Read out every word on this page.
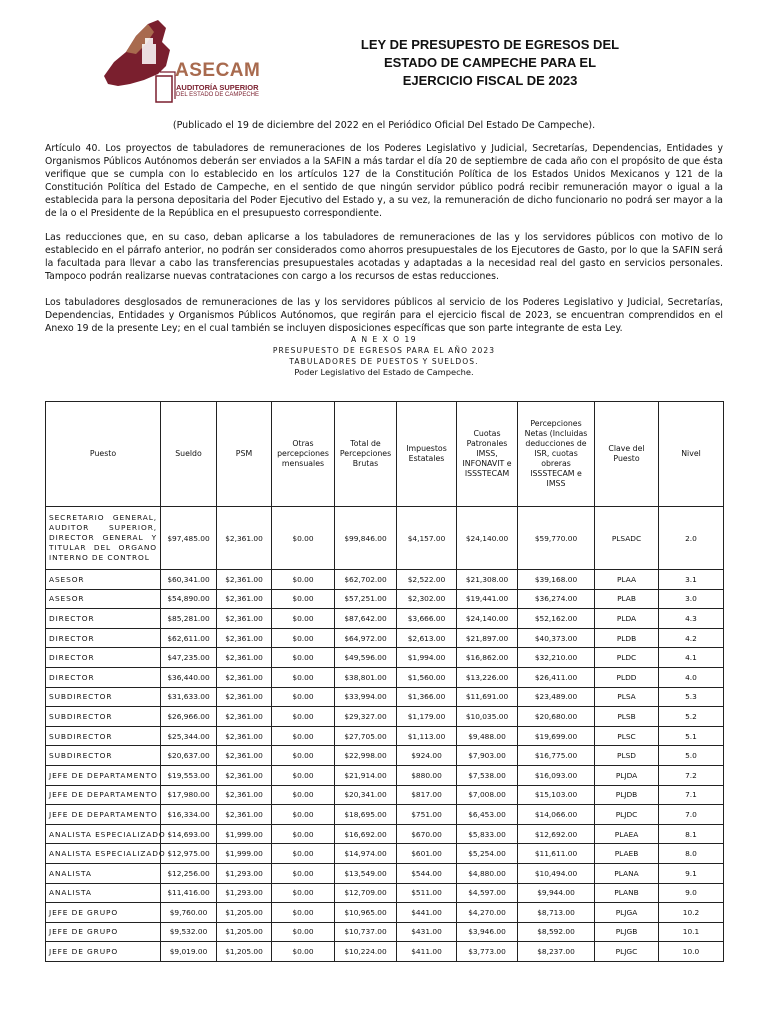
ASECAM
AUDITORÍA SUPERIOR
DEL ESTADO DE CAMPECHE
LEY DE PRESUPESTO DE EGRESOS DEL
ESTADO DE CAMPECHE PARA EL
EJERCICIO FISCAL DE 2023
(Publicado el 19 de diciembre del 2022 en el Periódico Oficial Del Estado De Campeche).

Artículo 40. Los proyectos de tabuladores de remuneraciones de los Poderes Legislativo y Judicial, Secretarías, Dependencias, Entidades y Organismos Públicos Autónomos deberán ser enviados a la SAFIN a más tardar el día 20 de septiembre de cada año con el propósito de que ésta verifique que se cumpla con lo establecido en los artículos 127 de la Constitución Política de los Estados Unidos Mexicanos y 121 de la Constitución Política del Estado de Campeche, en el sentido de que ningún servidor público podrá recibir remuneración mayor o igual a la establecida para la persona depositaria del Poder Ejecutivo del Estado y, a su vez, la remuneración de dicho funcionario no podrá ser mayor a la de la o el Presidente de la República en el presupuesto correspondiente.

Las reducciones que, en su caso, deban aplicarse a los tabuladores de remuneraciones de las y los servidores públicos con motivo de lo establecido en el párrafo anterior, no podrán ser considerados como ahorros presupuestales de los Ejecutores de Gasto, por lo que la SAFIN será la facultada para llevar a cabo las transferencias presupuestales acotadas y adaptadas a la necesidad real del gasto en servicios personales. Tampoco podrán realizarse nuevas contrataciones con cargo a los recursos de estas reducciones.

Los tabuladores desglosados de remuneraciones de las y los servidores públicos al servicio de los Poderes Legislativo y Judicial, Secretarías, Dependencias, Entidades y Organismos Públicos Autónomos, que regirán para el ejercicio fiscal de 2023, se encuentran comprendidos en el Anexo 19 de la presente Ley; en el cual también se incluyen disposiciones específicas que son parte integrante de esta Ley.

A N E X O 19
PRESUPUESTO DE EGRESOS PARA EL AÑO 2023
TABULADORES DE PUESTOS Y SUELDOS.
Poder Legislativo del Estado de Campeche.
Puesto	Sueldo	PSM	Otras percepciones mensuales	Total de Percepciones Brutas	Impuestos Estatales	Cuotas Patronales IMSS, INFONAVIT e ISSSTECAM	Percepciones Netas (Incluidas deducciones de ISR, cuotas obreras ISSSTECAM e IMSS	Clave del Puesto	Nivel
SECRETARIO GENERAL, AUDITOR SUPERIOR, DIRECTOR GENERAL Y TITULAR DEL ORGANO INTERNO DE CONTROL	$97,485.00	$2,361.00	$0.00	$99,846.00	$4,157.00	$24,140.00	$59,770.00	PLSADC	2.0
ASESOR	$60,341.00	$2,361.00	$0.00	$62,702.00	$2,522.00	$21,308.00	$39,168.00	PLAA	3.1
ASESOR	$54,890.00	$2,361.00	$0.00	$57,251.00	$2,302.00	$19,441.00	$36,274.00	PLAB	3.0
DIRECTOR	$85,281.00	$2,361.00	$0.00	$87,642.00	$3,666.00	$24,140.00	$52,162.00	PLDA	4.3
DIRECTOR	$62,611.00	$2,361.00	$0.00	$64,972.00	$2,613.00	$21,897.00	$40,373.00	PLDB	4.2
DIRECTOR	$47,235.00	$2,361.00	$0.00	$49,596.00	$1,994.00	$16,862.00	$32,210.00	PLDC	4.1
DIRECTOR	$36,440.00	$2,361.00	$0.00	$38,801.00	$1,560.00	$13,226.00	$26,411.00	PLDD	4.0
SUBDIRECTOR	$31,633.00	$2,361.00	$0.00	$33,994.00	$1,366.00	$11,691.00	$23,489.00	PLSA	5.3
SUBDIRECTOR	$26,966.00	$2,361.00	$0.00	$29,327.00	$1,179.00	$10,035.00	$20,680.00	PLSB	5.2
SUBDIRECTOR	$25,344.00	$2,361.00	$0.00	$27,705.00	$1,113.00	$9,488.00	$19,699.00	PLSC	5.1
SUBDIRECTOR	$20,637.00	$2,361.00	$0.00	$22,998.00	$924.00	$7,903.00	$16,775.00	PLSD	5.0
JEFE DE DEPARTAMENTO	$19,553.00	$2,361.00	$0.00	$21,914.00	$880.00	$7,538.00	$16,093.00	PLJDA	7.2
JEFE DE DEPARTAMENTO	$17,980.00	$2,361.00	$0.00	$20,341.00	$817.00	$7,008.00	$15,103.00	PLJDB	7.1
JEFE DE DEPARTAMENTO	$16,334.00	$2,361.00	$0.00	$18,695.00	$751.00	$6,453.00	$14,066.00	PLJDC	7.0
ANALISTA ESPECIALIZADO	$14,693.00	$1,999.00	$0.00	$16,692.00	$670.00	$5,833.00	$12,692.00	PLAEA	8.1
ANALISTA ESPECIALIZADO	$12,975.00	$1,999.00	$0.00	$14,974.00	$601.00	$5,254.00	$11,611.00	PLAEB	8.0
ANALISTA	$12,256.00	$1,293.00	$0.00	$13,549.00	$544.00	$4,880.00	$10,494.00	PLANA	9.1
ANALISTA	$11,416.00	$1,293.00	$0.00	$12,709.00	$511.00	$4,597.00	$9,944.00	PLANB	9.0
JEFE DE GRUPO	$9,760.00	$1,205.00	$0.00	$10,965.00	$441.00	$4,270.00	$8,713.00	PLJGA	10.2
JEFE DE GRUPO	$9,532.00	$1,205.00	$0.00	$10,737.00	$431.00	$3,946.00	$8,592.00	PLJGB	10.1
JEFE DE GRUPO	$9,019.00	$1,205.00	$0.00	$10,224.00	$411.00	$3,773.00	$8,237.00	PLJGC	10.0
